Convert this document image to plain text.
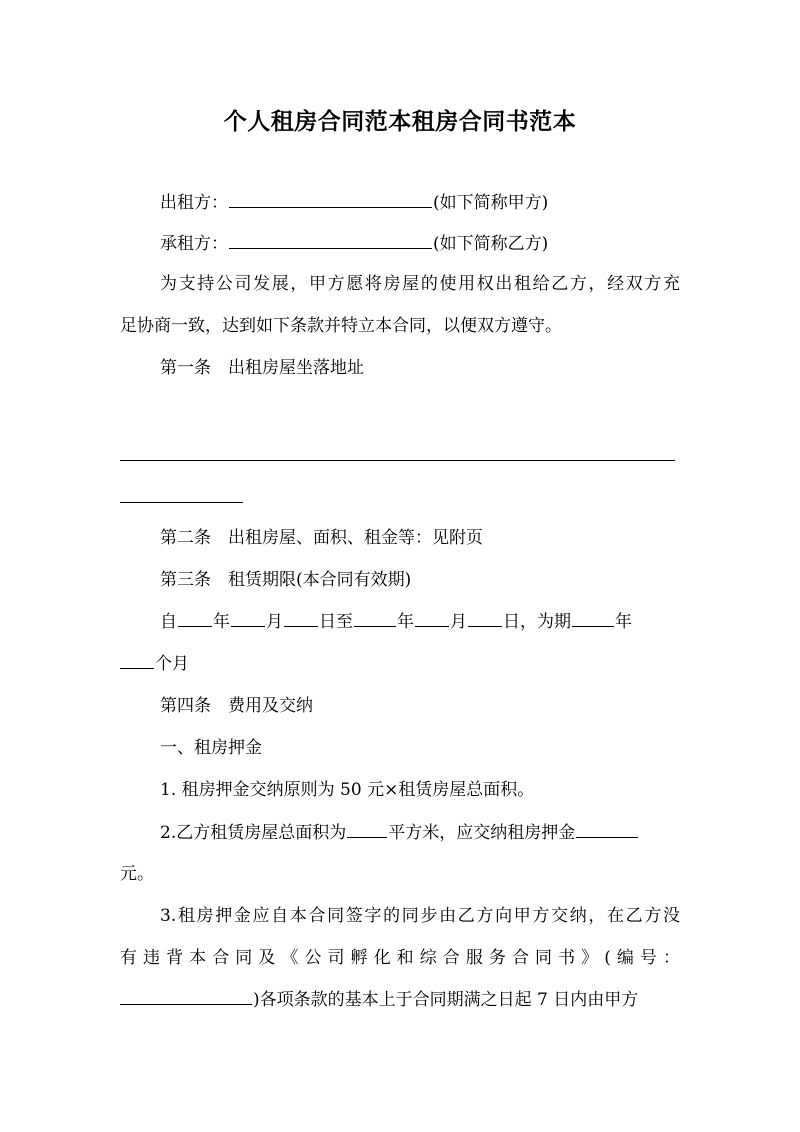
个人租房合同范本租房合同书范本
出租方：	(如下简称甲方)
承租方：	(如下简称乙方)
为支持公司发展，甲方愿将房屋的使用权出租给乙方，经双方充
足协商一致，达到如下条款并特立本合同，以便双方遵守。
第一条　出租房屋坐落地址
第二条　出租房屋、面积、租金等：见附页
第三条　租赁期限(本合同有效期)
自 年 月 日至	年 月 日，为期	年
个月
第四条　费用及交纳
一、租房押金
1. 租房押金交纳原则为 50 元×租赁房屋总面积。
2.乙方租赁房屋总面积为 平方米，应交纳租房押金
元。
3.租房押金应自本合同签字的同步由乙方向甲方交纳，在乙方没
有违背本合同及《公司孵化和综合服务合同书》(编号：
)各项条款的基本上于合同期满之日起 7 日内由甲方
